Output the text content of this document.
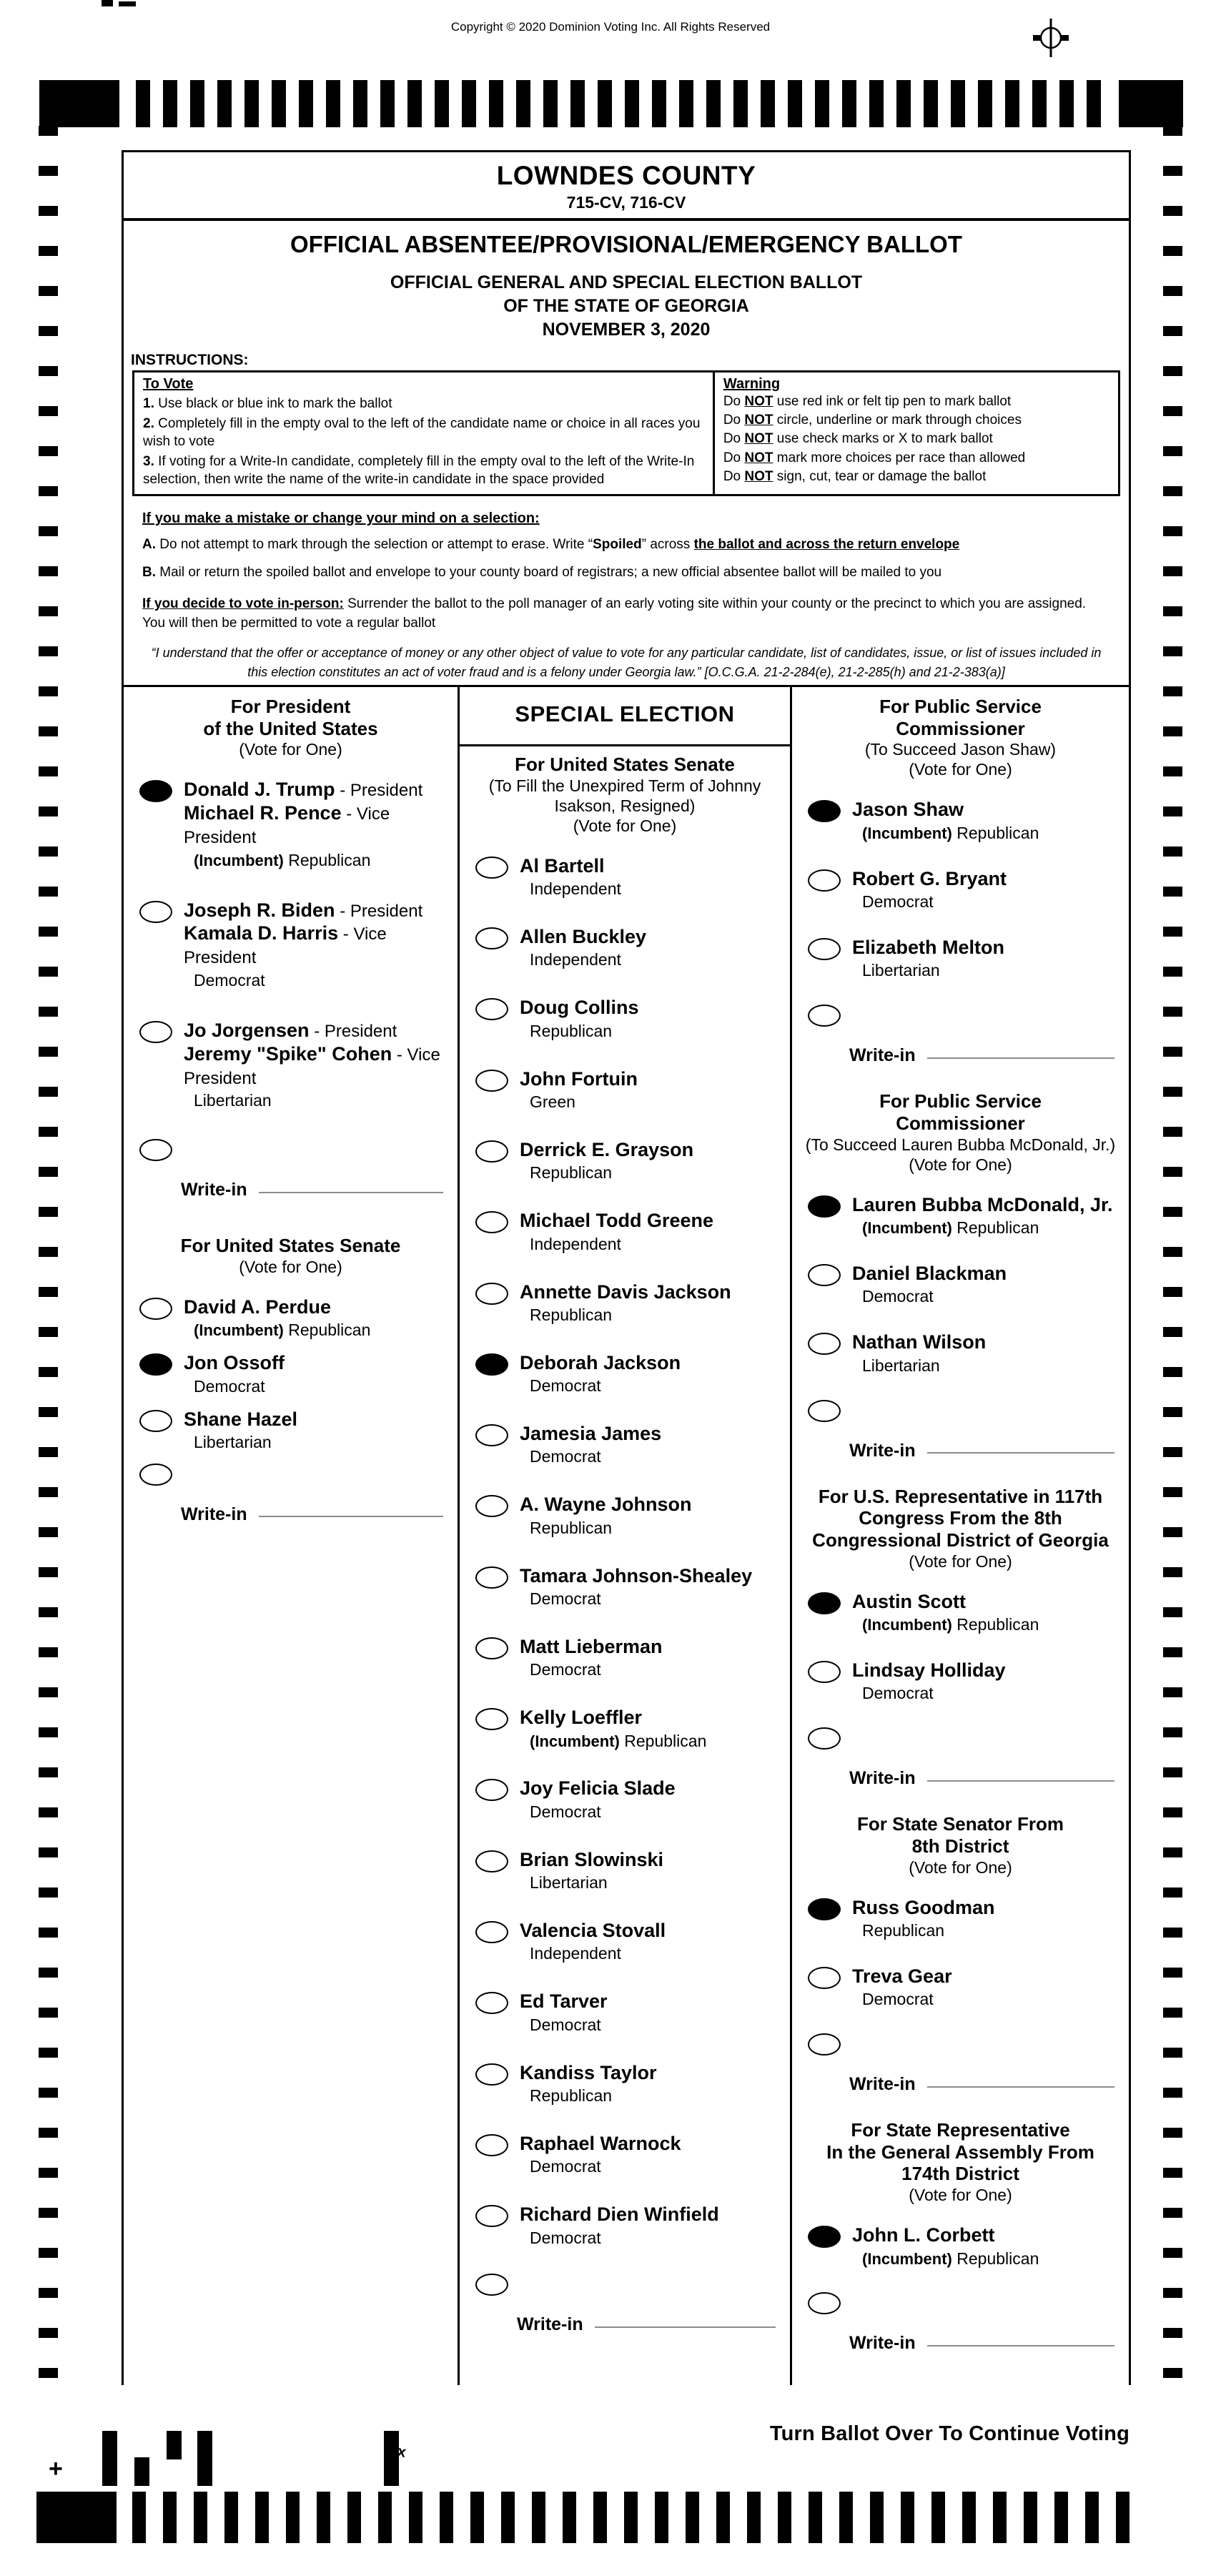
Copyright © 2020 Dominion Voting Inc. All Rights Reserved
LOWNDES COUNTY
715-CV, 716-CV
OFFICIAL ABSENTEE/PROVISIONAL/EMERGENCY BALLOT
OFFICIAL GENERAL AND SPECIAL ELECTION BALLOT
OF THE STATE OF GEORGIA
NOVEMBER 3, 2020
INSTRUCTIONS:
To Vote
1. Use black or blue ink to mark the ballot
2. Completely fill in the empty oval to the left of the candidate name or choice in all races you wish to vote
3. If voting for a Write-In candidate, completely fill in the empty oval to the left of the Write-In selection, then write the name of the write-in candidate in the space provided
Warning
Do NOT use red ink or felt tip pen to mark ballot
Do NOT circle, underline or mark through choices
Do NOT use check marks or X to mark ballot
Do NOT mark more choices per race than allowed
Do NOT sign, cut, tear or damage the ballot
If you make a mistake or change your mind on a selection:
A. Do not attempt to mark through the selection or attempt to erase. Write “Spoiled” across the ballot and across the return envelope
B. Mail or return the spoiled ballot and envelope to your county board of registrars; a new official absentee ballot will be mailed to you
If you decide to vote in-person: Surrender the ballot to the poll manager of an early voting site within your county or the precinct to which you are assigned. You will then be permitted to vote a regular ballot
“I understand that the offer or acceptance of money or any other object of value to vote for any particular candidate, list of candidates, issue, or list of issues included in this election constitutes an act of voter fraud and is a felony under Georgia law.” [O.C.G.A. 21-2-284(e), 21-2-285(h) and 21-2-383(a)]
For President
of the United States
(Vote for One)
Donald J. Trump - President
Michael R. Pence - Vice President
(Incumbent) Republican
Joseph R. Biden - President
Kamala D. Harris - Vice President
Democrat
Jo Jorgensen - President
Jeremy "Spike" Cohen - Vice President
Libertarian
Write-in
For United States Senate
(Vote for One)
David A. Perdue
(Incumbent) Republican
Jon Ossoff
Democrat
Shane Hazel
Libertarian
Write-in
SPECIAL ELECTION
For United States Senate
(To Fill the Unexpired Term of Johnny
Isakson, Resigned)
(Vote for One)
Al Bartell
Independent
Allen Buckley
Independent
Doug Collins
Republican
John Fortuin
Green
Derrick E. Grayson
Republican
Michael Todd Greene
Independent
Annette Davis Jackson
Republican
Deborah Jackson
Democrat
Jamesia James
Democrat
A. Wayne Johnson
Republican
Tamara Johnson-Shealey
Democrat
Matt Lieberman
Democrat
Kelly Loeffler
(Incumbent) Republican
Joy Felicia Slade
Democrat
Brian Slowinski
Libertarian
Valencia Stovall
Independent
Ed Tarver
Democrat
Kandiss Taylor
Republican
Raphael Warnock
Democrat
Richard Dien Winfield
Democrat
Write-in
For Public Service
Commissioner
(To Succeed Jason Shaw)
(Vote for One)
Jason Shaw
(Incumbent) Republican
Robert G. Bryant
Democrat
Elizabeth Melton
Libertarian
Write-in
For Public Service
Commissioner
(To Succeed Lauren Bubba McDonald, Jr.)
(Vote for One)
Lauren Bubba McDonald, Jr.
(Incumbent) Republican
Daniel Blackman
Democrat
Nathan Wilson
Libertarian
Write-in
For U.S. Representative in 117th
Congress From the 8th
Congressional District of Georgia
(Vote for One)
Austin Scott
(Incumbent) Republican
Lindsay Holliday
Democrat
Write-in
For State Senator From
8th District
(Vote for One)
Russ Goodman
Republican
Treva Gear
Democrat
Write-in
For State Representative
In the General Assembly From
174th District
(Vote for One)
John L. Corbett
(Incumbent) Republican
Write-in
x
+
Turn Ballot Over To Continue Voting
